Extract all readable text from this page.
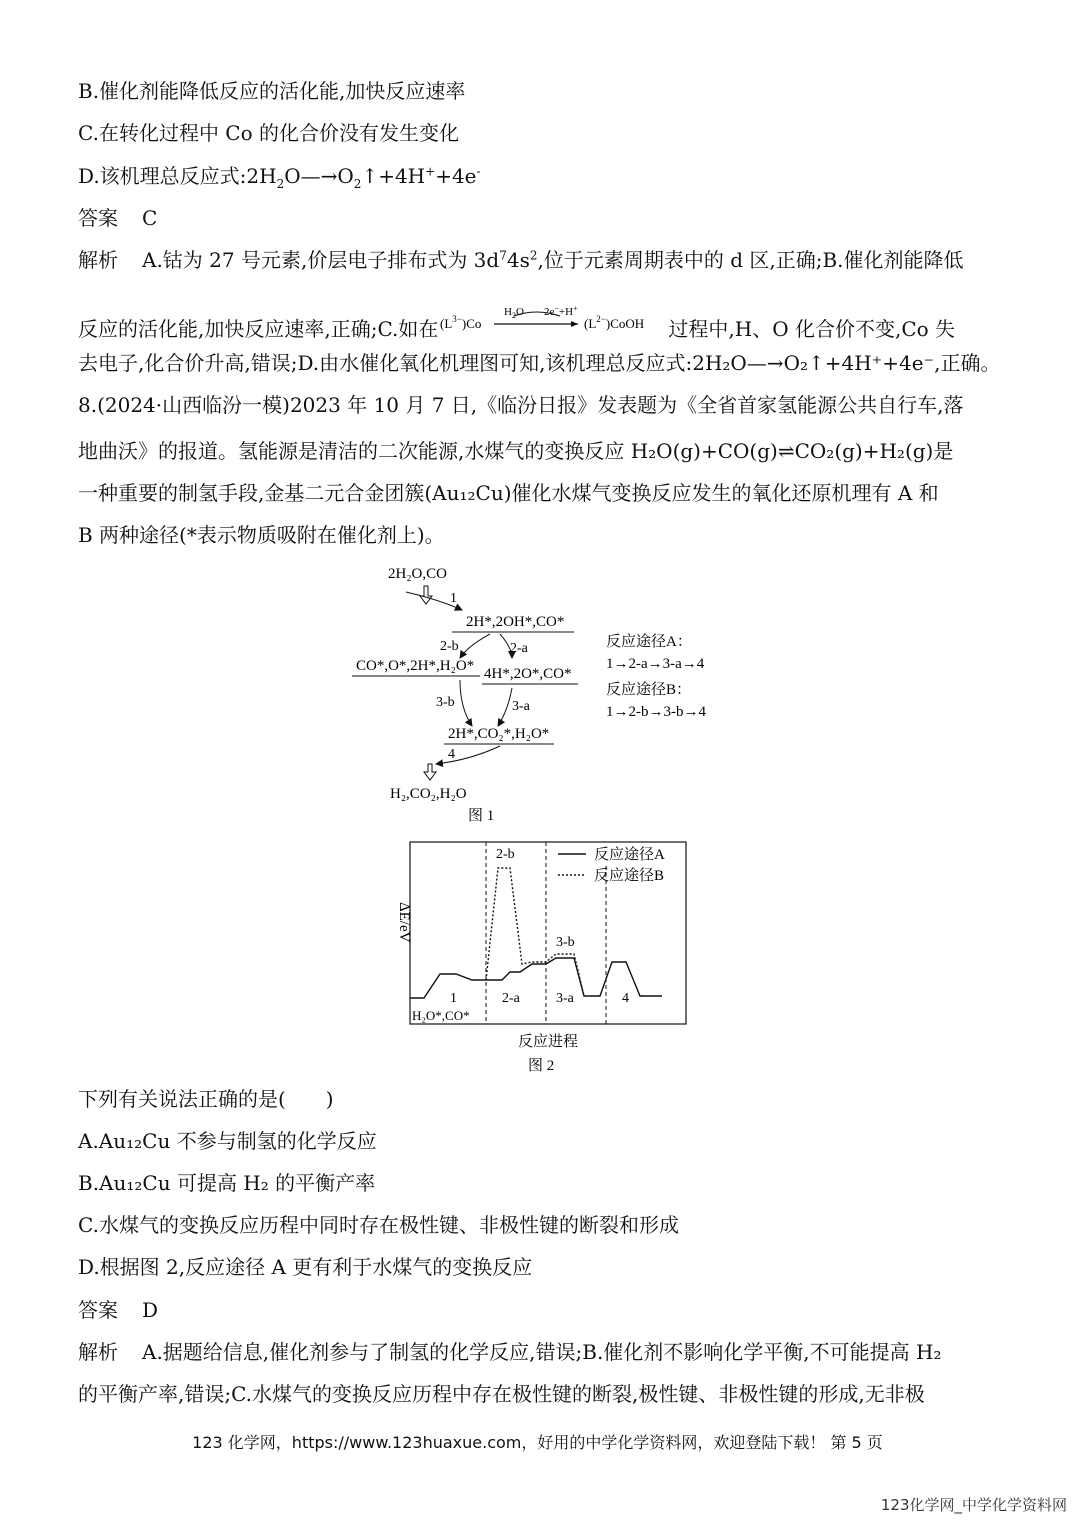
B.催化剂能降低反应的活化能,加快反应速率
C.在转化过程中 Co 的化合价没有发生变化
D.该机理总反应式$:2H_2O—\to O_2↑+4H^++4e^-$
答案 C
解析 A.钴为 27 号元素,价层电子排布式为 $3d^74s^2$,位于元素周期表中的 d 区,正确;B.催化剂能降低
反应的活化能,加快反应速率,正确;C.如在 $(L^{3-})Co$
$H_2O$ 2e−+H+
$(L^{2-})CoOH$ 过程中,H、O 化合价不变,Co 失
去电子,化合价升高,错误;D.由水催化氧化机理图可知,该机理总反应式:2H₂O—→O₂↑+4H⁺+4e⁻,正确。
8.(2024·山西临汾一模)2023 年 10 月 7 日,《临汾日报》发表题为《全省首家氢能源公共自行车,落
地曲沃》的报道。氢能源是清洁的二次能源,水煤气的变换反应 H₂O(g)+CO(g)⇌CO₂(g)+H₂(g)是
一种重要的制氢手段,金基二元合金团簇(Au₁₂Cu)催化水煤气变换反应发生的氧化还原机理有 A 和
B 两种途径(*表示物质吸附在催化剂上)。
2H₂O,CO
1
2H*,2OH*,CO*
2-b	2-a
CO*,O*,2H*,H₂O* 4H*,2O*,CO*
3-b	3-a
2H*,CO₂*,H₂O*
4
H₂,CO₂,H₂O
图 1
反应途径A：
1→2-a→3-a→4
反应途径B：
1→2-b→3-b→4
ΔE/eV
2-b
3-b
1	2-a	3-a	4
H₂O*,CO*
反应途径A
反应途径B
反应进程
图 2
下列有关说法正确的是(　　)
A.Au₁₂Cu 不参与制氢的化学反应
B.Au₁₂Cu 可提高 H₂ 的平衡产率
C.水煤气的变换反应历程中同时存在极性键、非极性键的断裂和形成
D.根据图 2,反应途径 A 更有利于水煤气的变换反应
答案 D
解析 A.据题给信息,催化剂参与了制氢的化学反应,错误;B.催化剂不影响化学平衡,不可能提高 H₂
的平衡产率,错误;C.水煤气的变换反应历程中存在极性键的断裂,极性键、非极性键的形成,无非极
123 化学网，https://www.123huaxue.com，好用的中学化学资料网，欢迎登陆下载！ 第 5 页
123化学网_中学化学资料网
